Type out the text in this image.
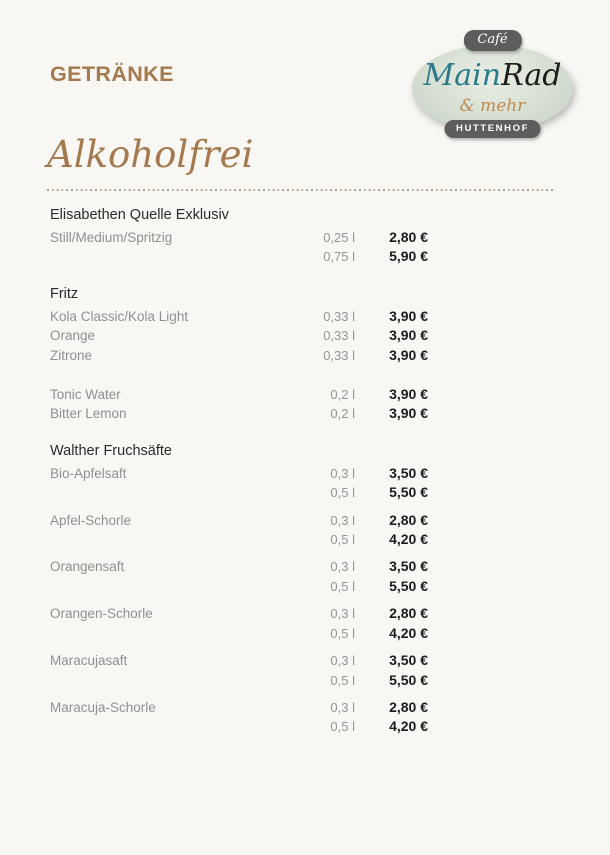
GETRÄNKE
Café
MainRad
& mehr
HUTTENHOF
Alkoholfrei
Elisabethen Quelle Exklusiv
Still/Medium/Spritzig	0,25 l	2,80 €
0,75 l	5,90 €
Fritz
Kola Classic/Kola Light	0,33 l	3,90 €
Orange	0,33 l	3,90 €
Zitrone	0,33 l	3,90 €
Tonic Water	0,2 l	3,90 €
Bitter Lemon	0,2 l	3,90 €
Walther Fruchsäfte
Bio-Apfelsaft	0,3 l	3,50 €
0,5 l	5,50 €
Apfel-Schorle	0,3 l	2,80 €
0,5 l	4,20 €
Orangensaft	0,3 l	3,50 €
0,5 l	5,50 €
Orangen-Schorle	0,3 l	2,80 €
0,5 l	4,20 €
Maracujasaft	0,3 l	3,50 €
0,5 l	5,50 €
Maracuja-Schorle	0,3 l	2,80 €
0,5 l	4,20 €
